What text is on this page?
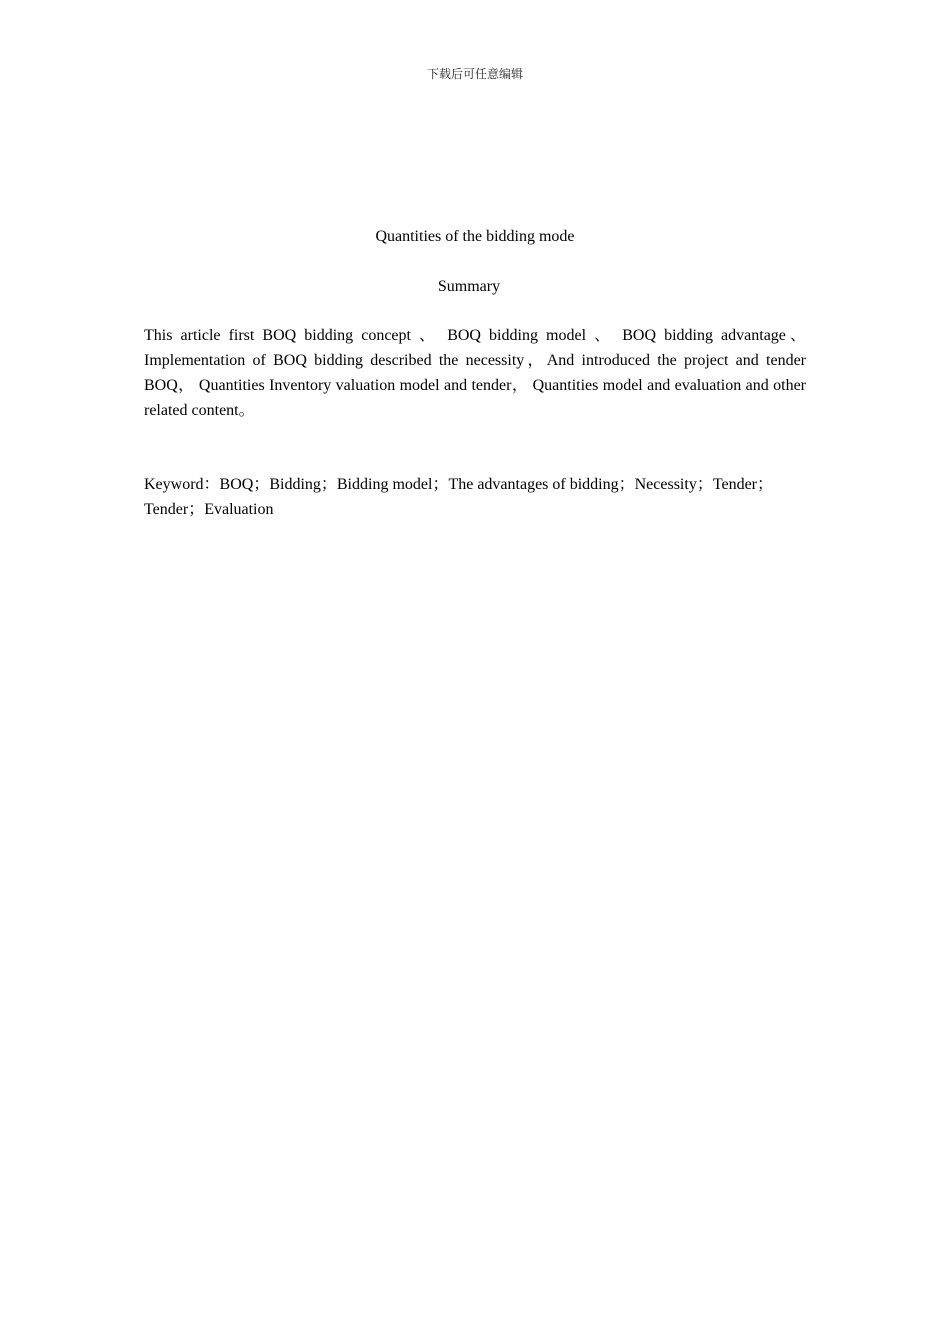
下载后可任意编辑
Quantities of the bidding mode
Summary

This article first BOQ bidding concept 、 BOQ bidding model 、 BOQ bidding advantage、Implementation of BOQ bidding described the necessity，And introduced the project and tender BOQ， Quantities Inventory valuation model and tender， Quantities model and evaluation and other related content。

Keyword：BOQ；Bidding；Bidding model；The advantages of bidding；Necessity；Tender；Tender；Evaluation
